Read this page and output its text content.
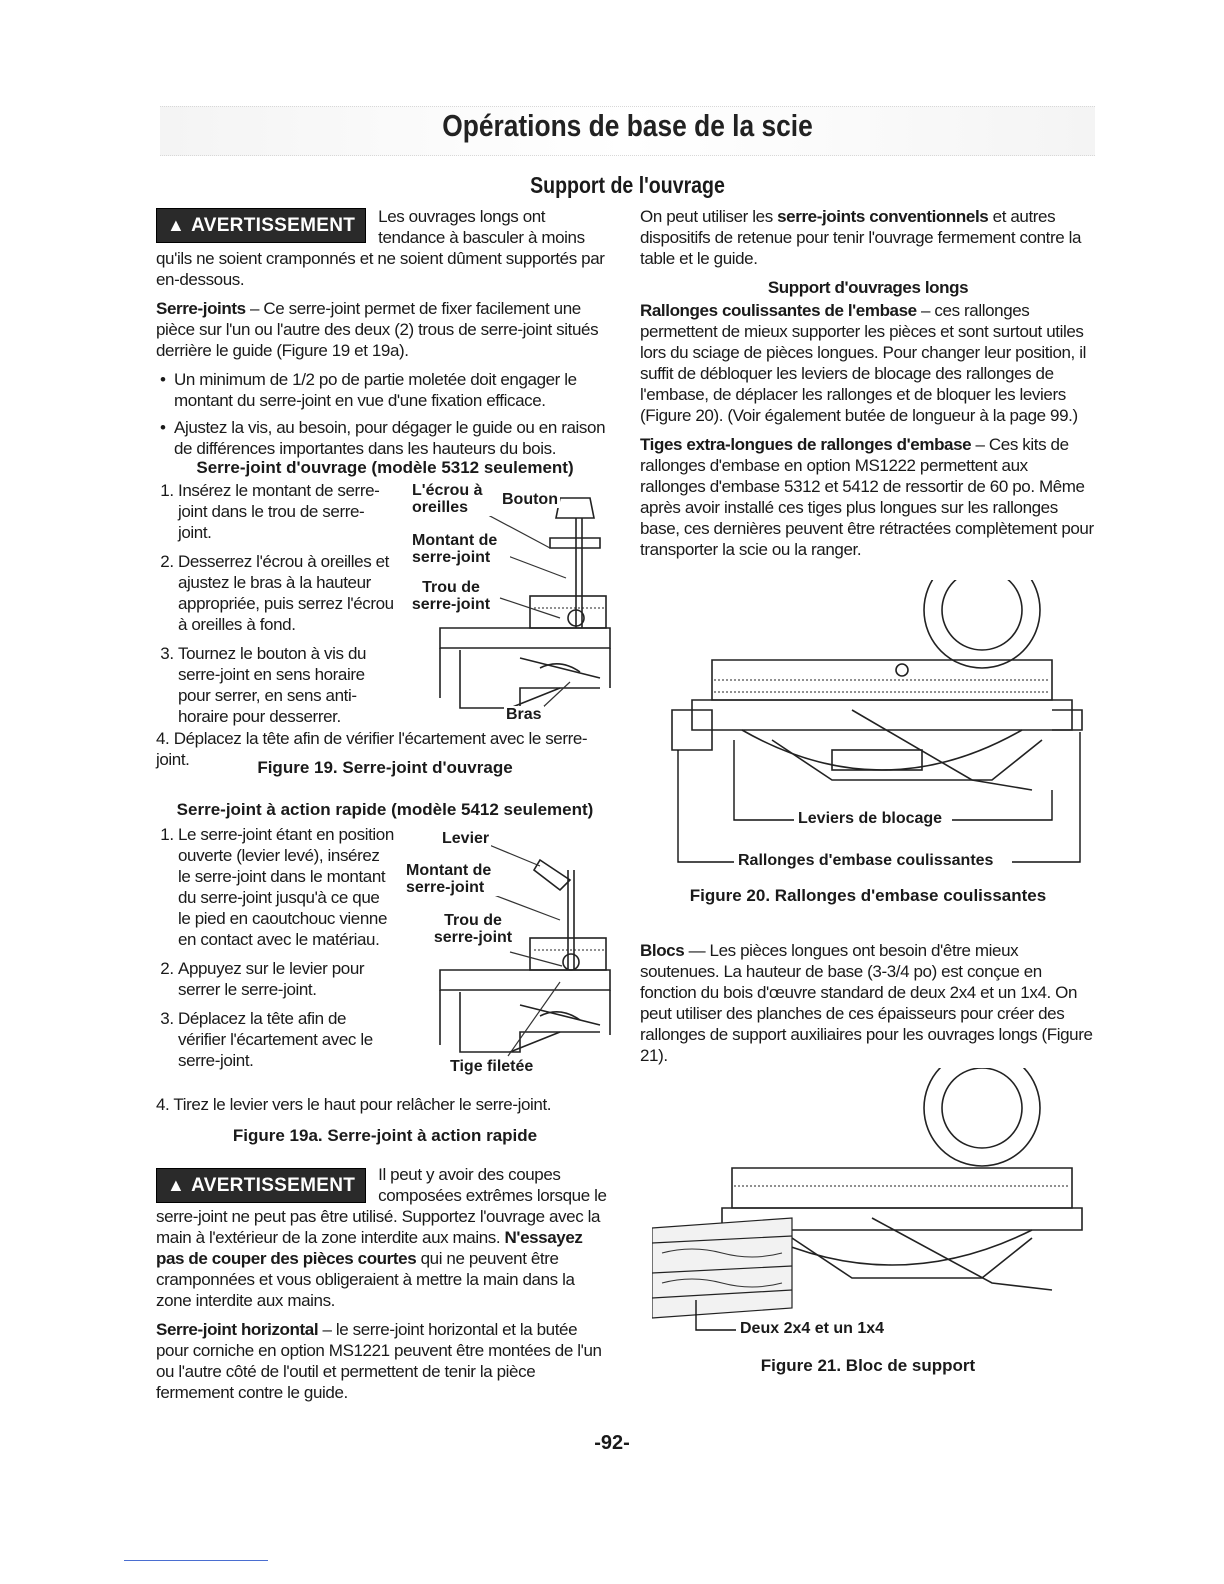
Opérations de base de la scie
Support de l'ouvrage

▲ AVERTISSEMENT	Les ouvrages longs ont tendance à basculer à moins qu'ils ne soient cramponnés et ne soient dûment supportés par en-dessous.

Serre-joints – Ce serre-joint permet de fixer facilement une pièce sur l'un ou l'autre des deux (2) trous de serre-joint situés derrière le guide (Figure 19 et 19a).

• Un minimum de 1/2 po de partie moletée doit engager le montant du serre-joint en vue d'une fixation efficace.
• Ajustez la vis, au besoin, pour dégager le guide ou en raison de différences importantes dans les hauteurs du bois.
Serre-joint d'ouvrage (modèle 5312 seulement)
1. Insérez le montant de serre-joint dans le trou de serre-joint.
2. Desserrez l'écrou à oreilles et ajustez le bras à la hauteur appropriée, puis serrez l'écrou à oreilles à fond.
3. Tournez le bouton à vis du serre-joint en sens horaire pour serrer, en sens anti-horaire pour desserrer.
4. Déplacez la tête afin de vérifier l'écartement avec le serre-joint.
L'écrou à oreilles	Bouton
Montant de serre-joint
Trou de serre-joint
Bras
Figure 19. Serre-joint d'ouvrage
Serre-joint à action rapide (modèle 5412 seulement)
1. Le serre-joint étant en position ouverte (levier levé), insérez le serre-joint dans le montant du serre-joint jusqu'à ce que le pied en caoutchouc vienne en contact avec le matériau.
2. Appuyez sur le levier pour serrer le serre-joint.
3. Déplacez la tête afin de vérifier l'écartement avec le serre-joint.
4. Tirez le levier vers le haut pour relâcher le serre-joint.
Levier
Montant de serre-joint
Trou de serre-joint
Tige filetée
Figure 19a. Serre-joint à action rapide

▲ AVERTISSEMENT
Il peut y avoir des coupes composées extrêmes lorsque le serre-joint ne peut pas être utilisé. Supportez l'ouvrage avec la main à l'extérieur de la zone interdite aux mains. N'essayez pas de couper des pièces courtes qui ne peuvent être cramponnées et vous obligeraient à mettre la main dans la zone interdite aux mains.

Serre-joint horizontal – le serre-joint horizontal et la butée pour corniche en option MS1221 peuvent être montées de l'un ou l'autre côté de l'outil et permettent de tenir la pièce fermement contre le guide.

On peut utiliser les serre-joints conventionnels et autres dispositifs de retenue pour tenir l'ouvrage fermement contre la table et le guide.

Support d'ouvrages longs

Rallonges coulissantes de l'embase – ces rallonges permettent de mieux supporter les pièces et sont surtout utiles lors du sciage de pièces longues. Pour changer leur position, il suffit de débloquer les leviers de blocage des rallonges de l'embase, de déplacer les rallonges et de bloquer les leviers (Figure 20). (Voir également butée de longueur à la page 99.)

Tiges extra-longues de rallonges d'embase – Ces kits de rallonges d'embase en option MS1222 permettent aux rallonges d'embase 5312 et 5412 de ressortir de 60 po. Même après avoir installé ces tiges plus longues sur les rallonges base, ces dernières peuvent être rétractées complètement pour transporter la scie ou la ranger.

Leviers de blocage
Rallonges d'embase coulissantes
Figure 20. Rallonges d'embase coulissantes

Blocs — Les pièces longues ont besoin d'être mieux soutenues. La hauteur de base (3-3/4 po) est conçue en fonction du bois d'œuvre standard de deux 2x4 et un 1x4. On peut utiliser des planches de ces épaisseurs pour créer des rallonges de support auxiliaires pour les ouvrages longs (Figure 21).

Deux 2x4 et un 1x4
Figure 21. Bloc de support
-92-
